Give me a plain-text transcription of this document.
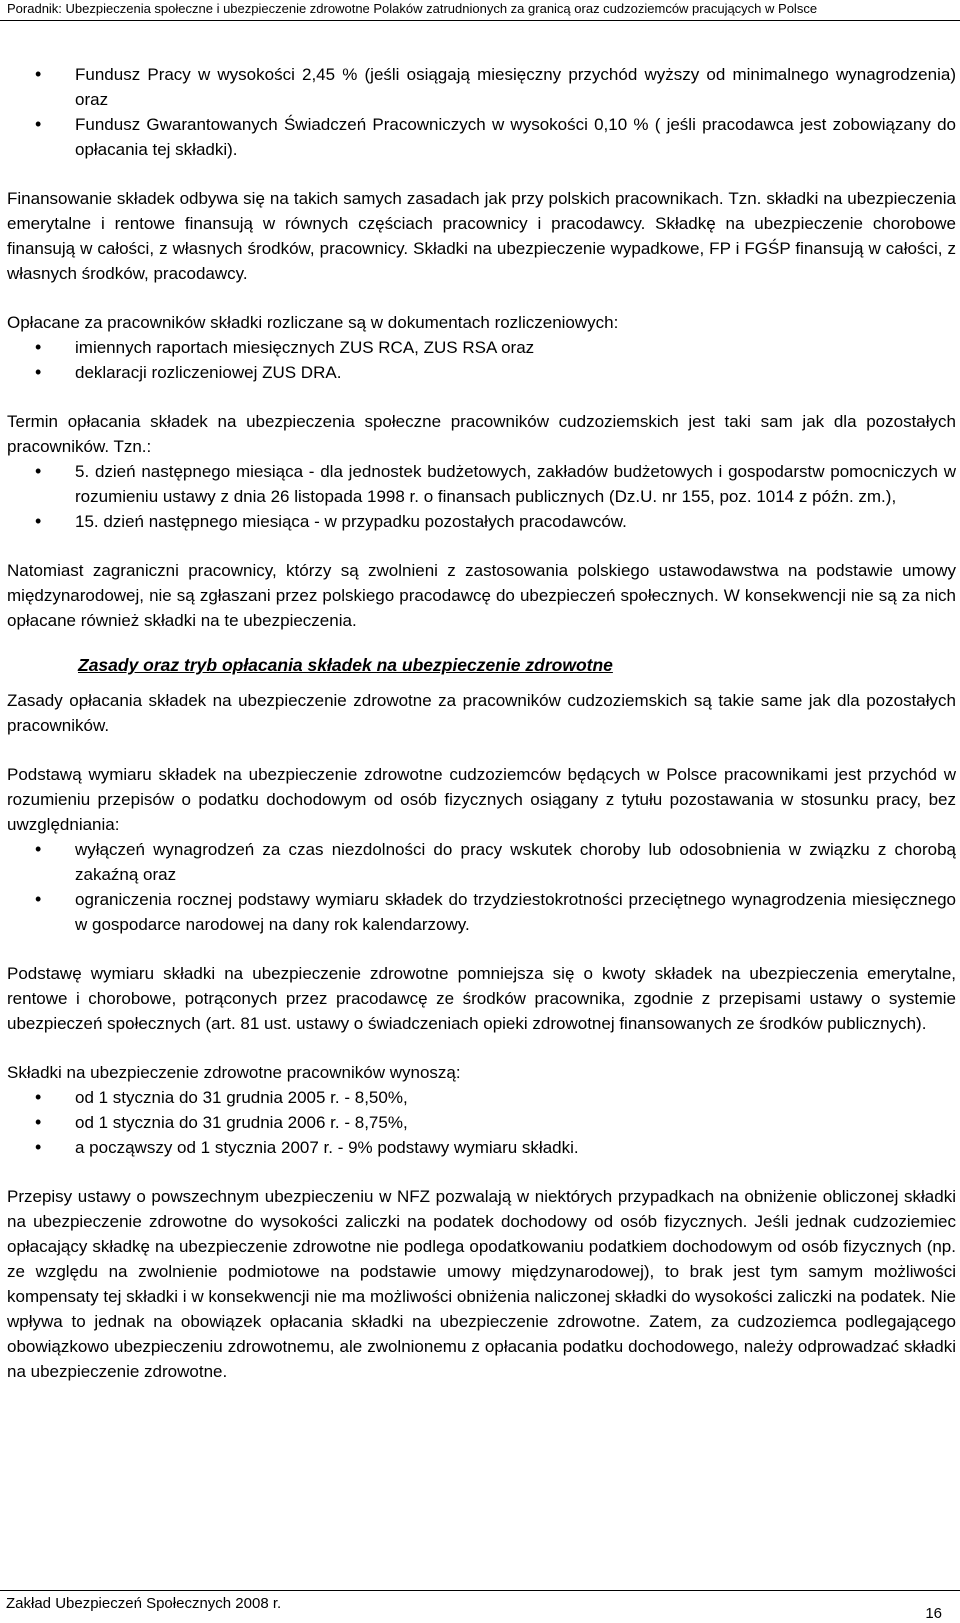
Poradnik: Ubezpieczenia społeczne i ubezpieczenie zdrowotne Polaków zatrudnionych za granicą oraz cudzoziemców pracujących w Polsce
• Fundusz Pracy w wysokości 2,45 % (jeśli osiągają miesięczny przychód wyższy od minimalnego wynagrodzenia) oraz
• Fundusz Gwarantowanych Świadczeń Pracowniczych w wysokości 0,10 % ( jeśli pracodawca jest zobowiązany do opłacania tej składki).

Finansowanie składek odbywa się na takich samych zasadach jak przy polskich pracownikach. Tzn. składki na ubezpieczenia emerytalne i rentowe finansują w równych częściach pracownicy i pracodawcy. Składkę na ubezpieczenie chorobowe finansują w całości, z własnych środków, pracownicy. Składki na ubezpieczenie wypadkowe, FP i FGŚP finansują w całości, z własnych środków, pracodawcy.

Opłacane za pracowników składki rozliczane są w dokumentach rozliczeniowych:

• imiennych raportach miesięcznych ZUS RCA, ZUS RSA oraz
• deklaracji rozliczeniowej ZUS DRA.

Termin opłacania składek na ubezpieczenia społeczne pracowników cudzoziemskich jest taki sam jak dla pozostałych pracowników. Tzn.:

• 5. dzień następnego miesiąca - dla jednostek budżetowych, zakładów budżetowych i gospodarstw pomocniczych w rozumieniu ustawy z dnia 26 listopada 1998 r. o finansach publicznych (Dz.U. nr 155, poz. 1014 z późn. zm.),
• 15. dzień następnego miesiąca - w przypadku pozostałych pracodawców.

Natomiast zagraniczni pracownicy, którzy są zwolnieni z zastosowania polskiego ustawodawstwa na podstawie umowy międzynarodowej, nie są zgłaszani przez polskiego pracodawcę do ubezpieczeń społecznych. W konsekwencji nie są za nich opłacane również składki na te ubezpieczenia.

Zasady oraz tryb opłacania składek na ubezpieczenie zdrowotne

Zasady opłacania składek na ubezpieczenie zdrowotne za pracowników cudzoziemskich są takie same jak dla pozostałych pracowników.

Podstawą wymiaru składek na ubezpieczenie zdrowotne cudzoziemców będących w Polsce pracownikami jest przychód w rozumieniu przepisów o podatku dochodowym od osób fizycznych osiągany z tytułu pozostawania w stosunku pracy, bez uwzględniania:

• wyłączeń wynagrodzeń za czas niezdolności do pracy wskutek choroby lub odosobnienia w związku z chorobą zakaźną oraz
• ograniczenia rocznej podstawy wymiaru składek do trzydziestokrotności przeciętnego wynagrodzenia miesięcznego w gospodarce narodowej na dany rok kalendarzowy.

Podstawę wymiaru składki na ubezpieczenie zdrowotne pomniejsza się o kwoty składek na ubezpieczenia emerytalne, rentowe i chorobowe, potrąconych przez pracodawcę ze środków pracownika, zgodnie z przepisami ustawy o systemie ubezpieczeń społecznych (art. 81 ust. ustawy o świadczeniach opieki zdrowotnej finansowanych ze środków publicznych).

Składki na ubezpieczenie zdrowotne pracowników wynoszą:

• od 1 stycznia do 31 grudnia 2005 r. - 8,50%,
• od 1 stycznia do 31 grudnia 2006 r. - 8,75%,
• a począwszy od 1 stycznia 2007 r. - 9% podstawy wymiaru składki.

Przepisy ustawy o powszechnym ubezpieczeniu w NFZ pozwalają w niektórych przypadkach na obniżenie obliczonej składki na ubezpieczenie zdrowotne do wysokości zaliczki na podatek dochodowy od osób fizycznych. Jeśli jednak cudzoziemiec opłacający składkę na ubezpieczenie zdrowotne nie podlega opodatkowaniu podatkiem dochodowym od osób fizycznych (np. ze względu na zwolnienie podmiotowe na podstawie umowy międzynarodowej), to brak jest tym samym możliwości kompensaty tej składki i w konsekwencji nie ma możliwości obniżenia naliczonej składki do wysokości zaliczki na podatek. Nie wpływa to jednak na obowiązek opłacania składki na ubezpieczenie zdrowotne. Zatem, za cudzoziemca podlegającego obowiązkowo ubezpieczeniu zdrowotnemu, ale zwolnionemu z opłacania podatku dochodowego, należy odprowadzać składki na ubezpieczenie zdrowotne.

Zakład Ubezpieczeń Społecznych 2008 r.
16
